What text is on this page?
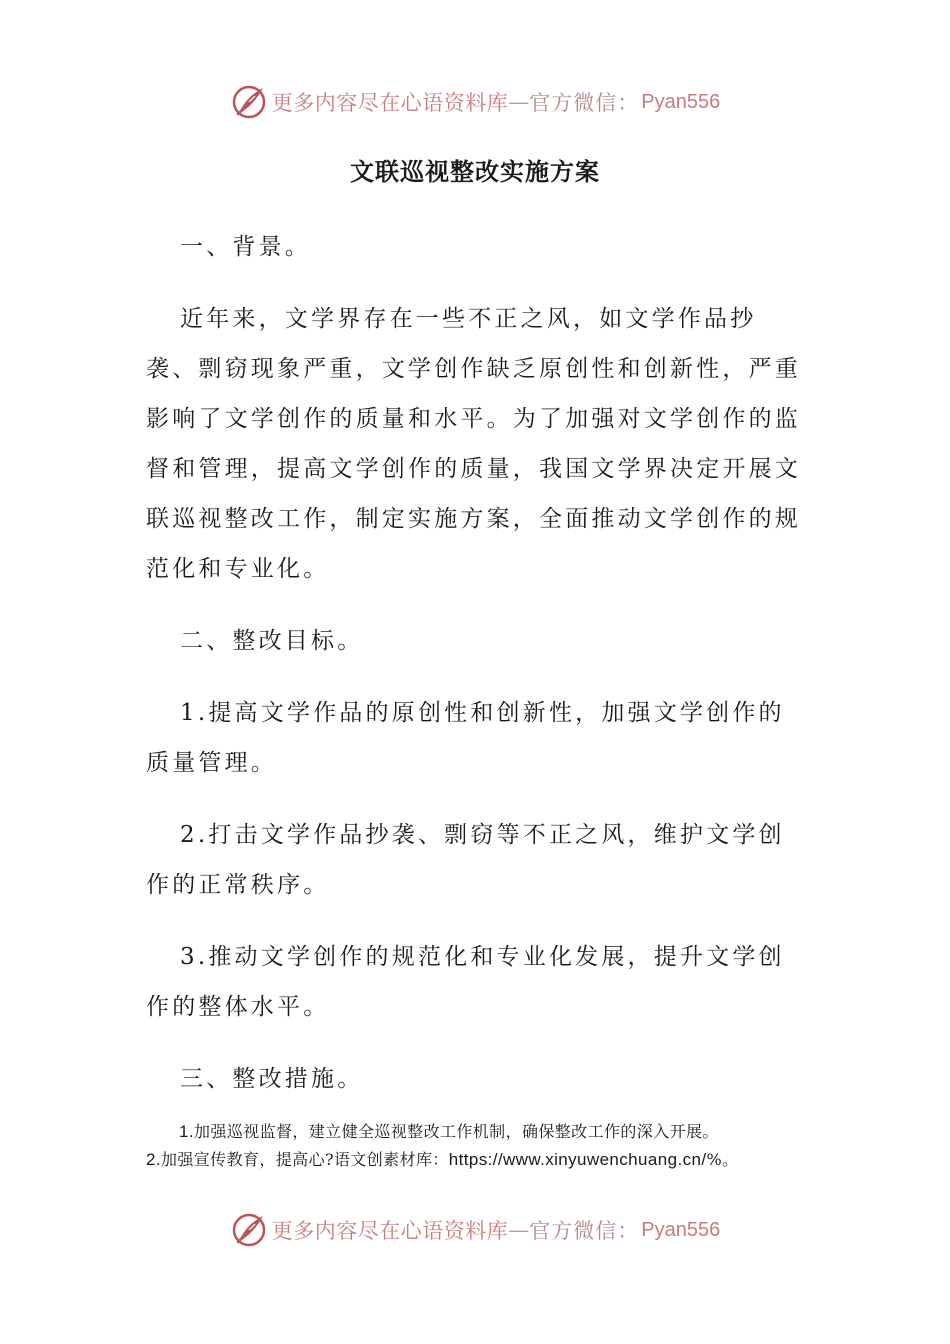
更多内容尽在心语资料库 — 官方微信： Pyan556
文联巡视整改实施方案

一、背景。

近年来，文学界存在一些不正之风，如文学作品抄袭、剽窃现象严重，文学创作缺乏原创性和创新性，严重影响了文学创作的质量和水平。为了加强对文学创作的监督和管理，提高文学创作的质量，我国文学界决定开展文联巡视整改工作，制定实施方案，全面推动文学创作的规范化和专业化。

二、整改目标。

1.提高文学作品的原创性和创新性，加强文学创作的质量管理。

2.打击文学作品抄袭、剽窃等不正之风，维护文学创作的正常秩序。

3.推动文学创作的规范化和专业化发展，提升文学创作的整体水平。

三、整改措施。

1.加强巡视监督，建立健全巡视整改工作机制，确保整改工作的深入开展。

2.加强宣传教育，提高心?语文创素材库：https://www.xinyuwenchuang.cn/%。

更多内容尽在心语资料库 — 官方微信： Pyan556
